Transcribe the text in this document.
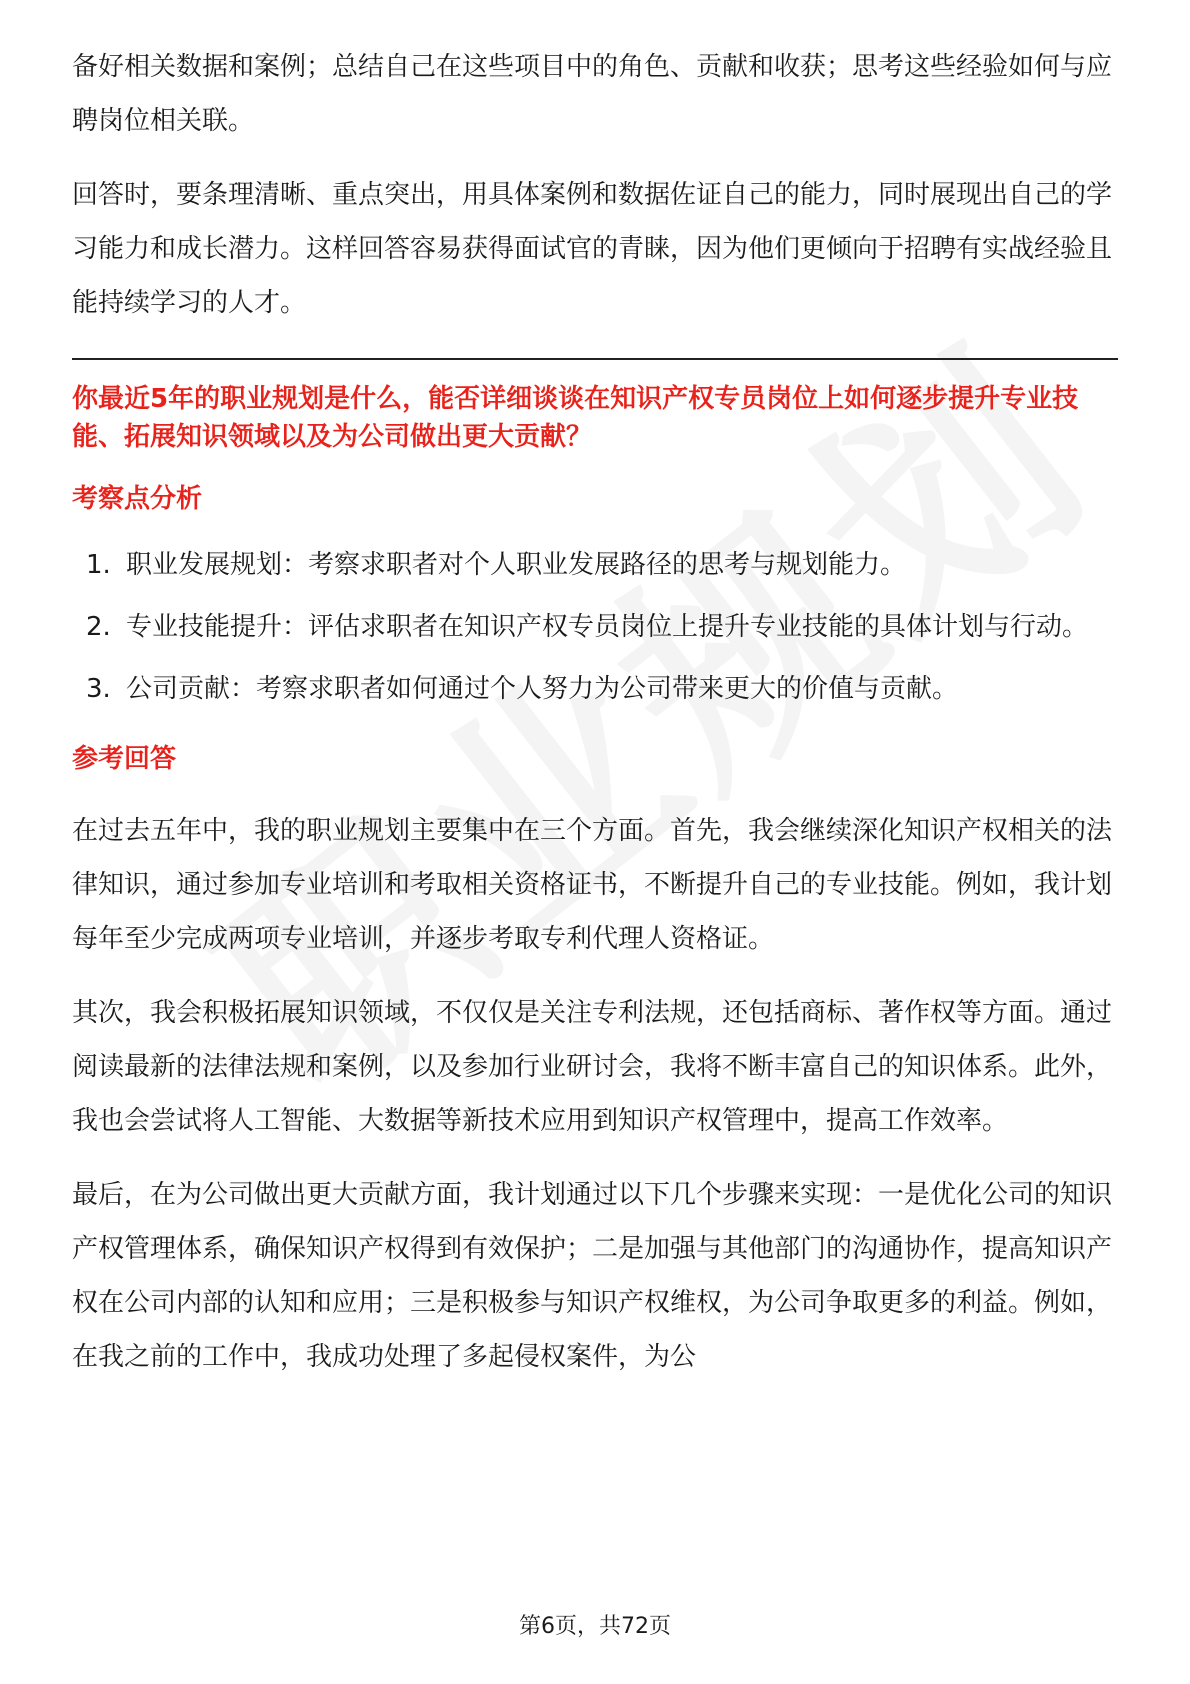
备好相关数据和案例；总结自己在这些项目中的角色、贡献和收获；思考这些经验如何与应聘岗位相关联。

回答时，要条理清晰、重点突出，用具体案例和数据佐证自己的能力，同时展现出自己的学习能力和成长潜力。这样回答容易获得面试官的青睐，因为他们更倾向于招聘有实战经验且能持续学习的人才。

你最近5年的职业规划是什么，能否详细谈谈在知识产权专员岗位上如何逐步提升专业技能、拓展知识领域以及为公司做出更大贡献？

考察点分析

1. 职业发展规划：考察求职者对个人职业发展路径的思考与规划能力。
2. 专业技能提升：评估求职者在知识产权专员岗位上提升专业技能的具体计划与行动。
3. 公司贡献：考察求职者如何通过个人努力为公司带来更大的价值与贡献。

参考回答

在过去五年中，我的职业规划主要集中在三个方面。首先，我会继续深化知识产权相关的法律知识，通过参加专业培训和考取相关资格证书，不断提升自己的专业技能。例如，我计划每年至少完成两项专业培训，并逐步考取专利代理人资格证。

其次，我会积极拓展知识领域，不仅仅是关注专利法规，还包括商标、著作权等方面。通过阅读最新的法律法规和案例，以及参加行业研讨会，我将不断丰富自己的知识体系。此外，我也会尝试将人工智能、大数据等新技术应用到知识产权管理中，提高工作效率。

最后，在为公司做出更大贡献方面，我计划通过以下几个步骤来实现：一是优化公司的知识产权管理体系，确保知识产权得到有效保护；二是加强与其他部门的沟通协作，提高知识产权在公司内部的认知和应用；三是积极参与知识产权维权，为公司争取更多的利益。例如，在我之前的工作中，我成功处理了多起侵权案件，为公

第6页，共72页
